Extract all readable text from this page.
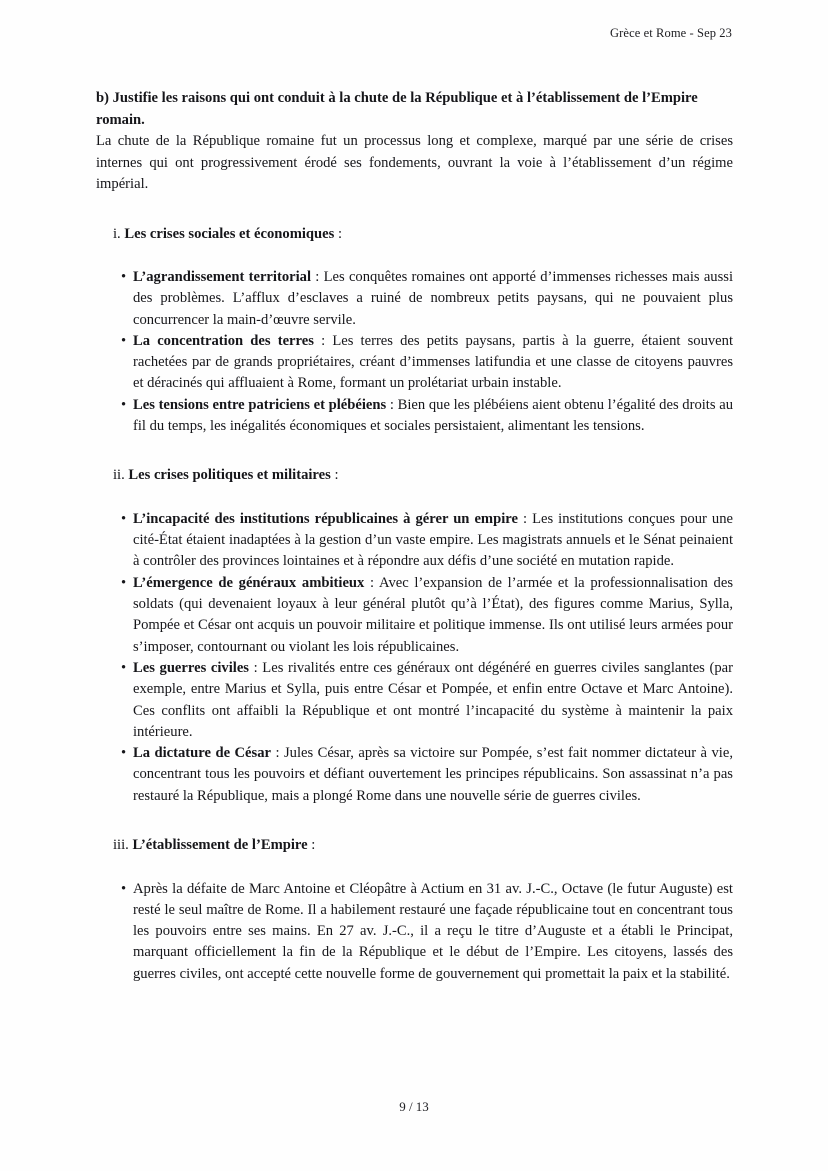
Grèce et Rome - Sep 23

b) Justifie les raisons qui ont conduit à la chute de la République et à l’établissement de l’Empire romain.

La chute de la République romaine fut un processus long et complexe, marqué par une série de crises internes qui ont progressivement érodé ses fondements, ouvrant la voie à l’établissement d’un régime impérial.

i. Les crises sociales et économiques :

• L’agrandissement territorial : Les conquêtes romaines ont apporté d’immenses richesses mais aussi des problèmes. L’afflux d’esclaves a ruiné de nombreux petits paysans, qui ne pouvaient plus concurrencer la main-d’œuvre servile.
• La concentration des terres : Les terres des petits paysans, partis à la guerre, étaient souvent rachetées par de grands propriétaires, créant d’immenses latifundia et une classe de citoyens pauvres et déracinés qui affluaient à Rome, formant un prolétariat urbain instable.
• Les tensions entre patriciens et plébéiens : Bien que les plébéiens aient obtenu l’égalité des droits au fil du temps, les inégalités économiques et sociales persistaient, alimentant les tensions.

ii. Les crises politiques et militaires :

• L’incapacité des institutions républicaines à gérer un empire : Les institutions conçues pour une cité-État étaient inadaptées à la gestion d’un vaste empire. Les magistrats annuels et le Sénat peinaient à contrôler des provinces lointaines et à répondre aux défis d’une société en mutation rapide.
• L’émergence de généraux ambitieux : Avec l’expansion de l’armée et la professionnalisation des soldats (qui devenaient loyaux à leur général plutôt qu’à l’État), des figures comme Marius, Sylla, Pompée et César ont acquis un pouvoir militaire et politique immense. Ils ont utilisé leurs armées pour s’imposer, contournant ou violant les lois républicaines.
• Les guerres civiles : Les rivalités entre ces généraux ont dégénéré en guerres civiles sanglantes (par exemple, entre Marius et Sylla, puis entre César et Pompée, et enfin entre Octave et Marc Antoine). Ces conflits ont affaibli la République et ont montré l’incapacité du système à maintenir la paix intérieure.
• La dictature de César : Jules César, après sa victoire sur Pompée, s’est fait nommer dictateur à vie, concentrant tous les pouvoirs et défiant ouvertement les principes républicains. Son assassinat n’a pas restauré la République, mais a plongé Rome dans une nouvelle série de guerres civiles.

iii. L’établissement de l’Empire :

• Après la défaite de Marc Antoine et Cléopâtre à Actium en 31 av. J.-C., Octave (le futur Auguste) est resté le seul maître de Rome. Il a habilement restauré une façade républicaine tout en concentrant tous les pouvoirs entre ses mains. En 27 av. J.-C., il a reçu le titre d’Auguste et a établi le Principat, marquant officiellement la fin de la République et le début de l’Empire. Les citoyens, lassés des guerres civiles, ont accepté cette nouvelle forme de gouvernement qui promettait la paix et la stabilité.
9 / 13
